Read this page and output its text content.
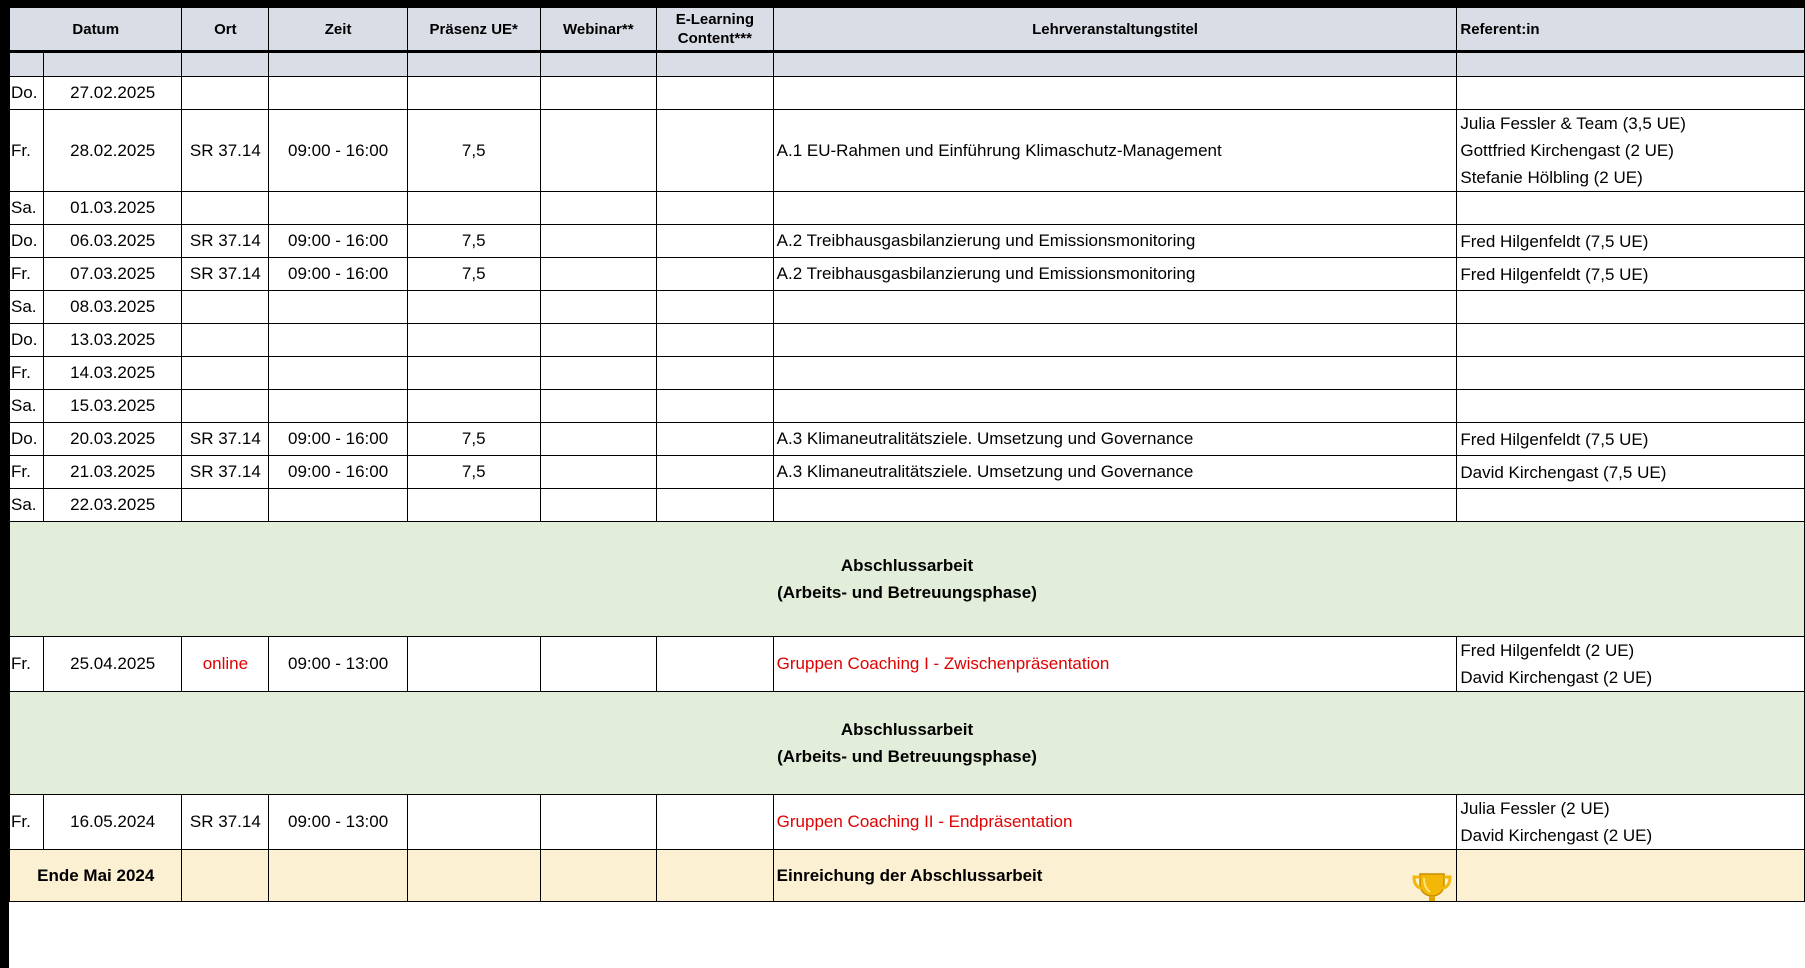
Datum		Ort	Zeit	Präsenz UE*	Webinar**	E-Learning Content***	Lehrveranstaltungstitel	Referent:in

Do.	27.02.2025							
Fr.	28.02.2025	SR 37.14	09:00 - 16:00	7,5			A.1 EU-Rahmen und Einführung Klimaschutz-Management	Julia Fessler & Team (3,5 UE)
Gottfried Kirchengast (2 UE)
Stefanie Hölbling (2 UE)

Sa.	01.03.2025							
Do.	06.03.2025	SR 37.14	09:00 - 16:00	7,5			A.2 Treibhausgasbilanzierung und Emissionsmonitoring	Fred Hilgenfeldt (7,5 UE)

Fr.	07.03.2025	SR 37.14	09:00 - 16:00	7,5			A.2 Treibhausgasbilanzierung und Emissionsmonitoring	Fred Hilgenfeldt (7,5 UE)

Sa.	08.03.2025							
Do.	13.03.2025							
Fr.	14.03.2025							
Sa.	15.03.2025							
Do.	20.03.2025	SR 37.14	09:00 - 16:00	7,5			A.3 Klimaneutralitätsziele. Umsetzung und Governance	Fred Hilgenfeldt (7,5 UE)

Fr.	21.03.2025	SR 37.14	09:00 - 16:00	7,5			A.3 Klimaneutralitätsziele. Umsetzung und Governance	David Kirchengast (7,5 UE)

Sa.	22.03.2025							

Abschlussarbeit
(Arbeits- und Betreuungsphase)								

Fr.	25.04.2025	online	09:00 - 13:00				Gruppen Coaching I - Zwischenpräsentation	Fred Hilgenfeldt (2 UE)
David Kirchengast (2 UE)

Abschlussarbeit
(Arbeits- und Betreuungsphase)								

Fr.	16.05.2024	SR 37.14	09:00 - 13:00				Gruppen Coaching II - Endpräsentation	Julia Fessler (2 UE)
David Kirchengast (2 UE)

Ende Mai 2024							Einreichung der Abschlussarbeit	
